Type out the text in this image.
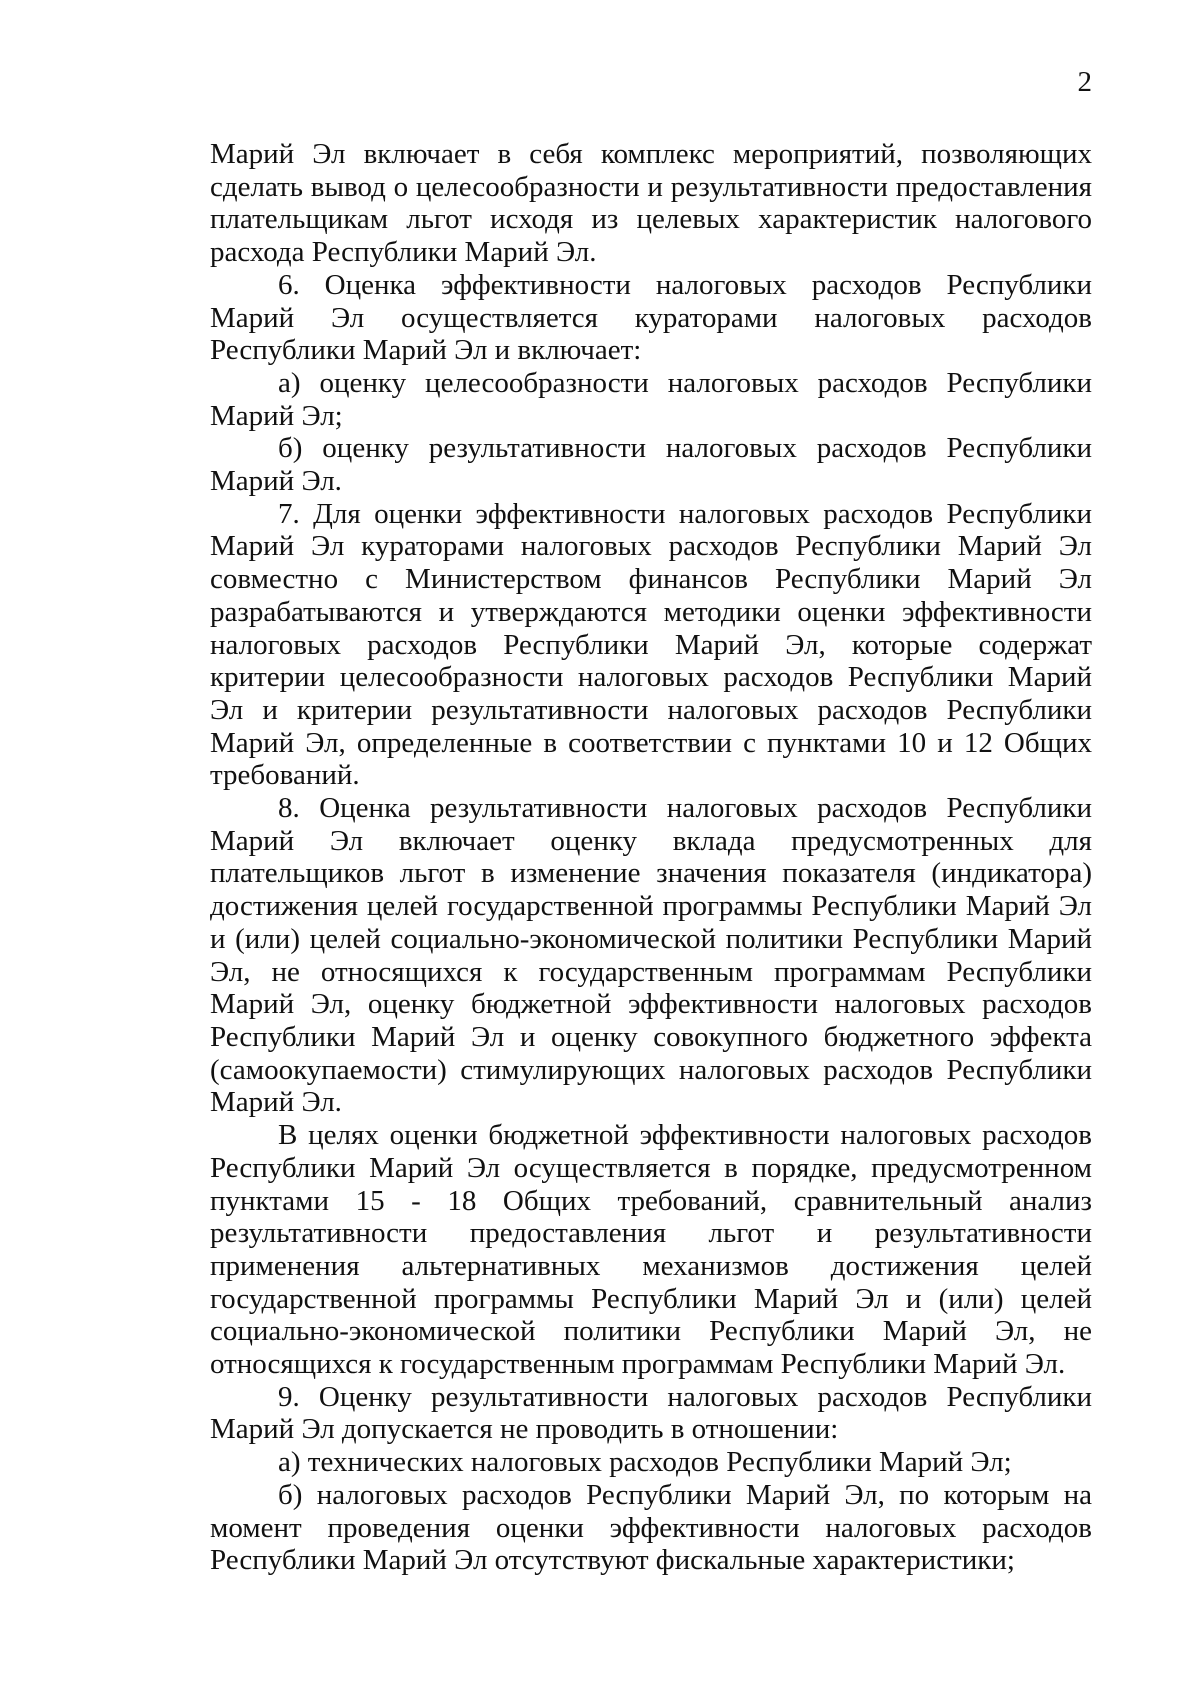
2

Марий Эл включает в себя комплекс мероприятий, позволяющих сделать вывод о целесообразности и результативности предоставления плательщикам льгот исходя из целевых характеристик налогового расхода Республики Марий Эл.

6. Оценка эффективности налоговых расходов Республики Марий Эл осуществляется кураторами налоговых расходов Республики Марий Эл и включает:

а) оценку целесообразности налоговых расходов Республики Марий Эл;

б) оценку результативности налоговых расходов Республики Марий Эл.

7. Для оценки эффективности налоговых расходов Республики Марий Эл кураторами налоговых расходов Республики Марий Эл совместно с Министерством финансов Республики Марий Эл разрабатываются и утверждаются методики оценки эффективности налоговых расходов Республики Марий Эл, которые содержат критерии целесообразности налоговых расходов Республики Марий Эл и критерии результативности налоговых расходов Республики Марий Эл, определенные в соответствии с пунктами 10 и 12 Общих требований.

8. Оценка результативности налоговых расходов Республики Марий Эл включает оценку вклада предусмотренных для плательщиков льгот в изменение значения показателя (индикатора) достижения целей государственной программы Республики Марий Эл и (или) целей социально-экономической политики Республики Марий Эл, не относящихся к государственным программам Республики Марий Эл, оценку бюджетной эффективности налоговых расходов Республики Марий Эл и оценку совокупного бюджетного эффекта (самоокупаемости) стимулирующих налоговых расходов Республики Марий Эл.

В целях оценки бюджетной эффективности налоговых расходов Республики Марий Эл осуществляется в порядке, предусмотренном пунктами 15 - 18 Общих требований, сравнительный анализ результативности предоставления льгот и результативности применения альтернативных механизмов достижения целей государственной программы Республики Марий Эл и (или) целей социально-экономической политики Республики Марий Эл, не относящихся к государственным программам Республики Марий Эл.

9. Оценку результативности налоговых расходов Республики Марий Эл допускается не проводить в отношении:

а) технических налоговых расходов Республики Марий Эл;

б) налоговых расходов Республики Марий Эл, по которым на момент проведения оценки эффективности налоговых расходов Республики Марий Эл отсутствуют фискальные характеристики;
